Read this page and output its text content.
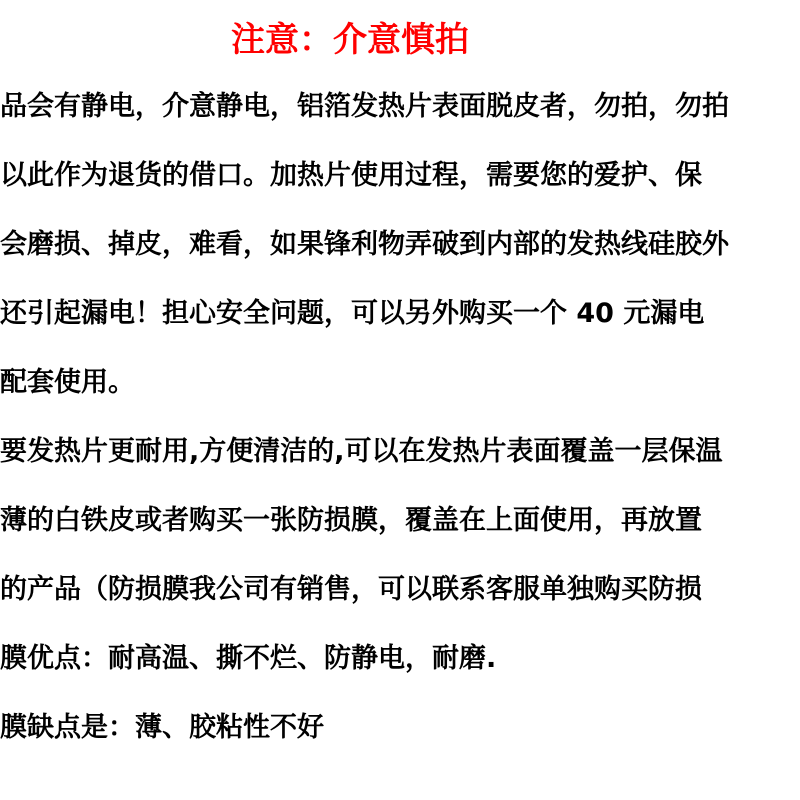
注意：介意慎拍
品会有静电，介意静电，铝箔发热片表面脱皮者，勿拍，勿拍
以此作为退货的借口。加热片使用过程，需要您的爱护、保
会磨损、掉皮，难看，如果锋利物弄破到内部的发热线硅胶外
还引起漏电！担心安全问题，可以另外购买一个 40 元漏电
配套使用。
要发热片更耐用,方便清洁的,可以在发热片表面覆盖一层保温
薄的白铁皮或者购买一张防损膜，覆盖在上面使用，再放置
的产品（防损膜我公司有销售，可以联系客服单独购买防损
膜优点：耐高温、撕不烂、防静电，耐磨.
膜缺点是：薄、胶粘性不好
